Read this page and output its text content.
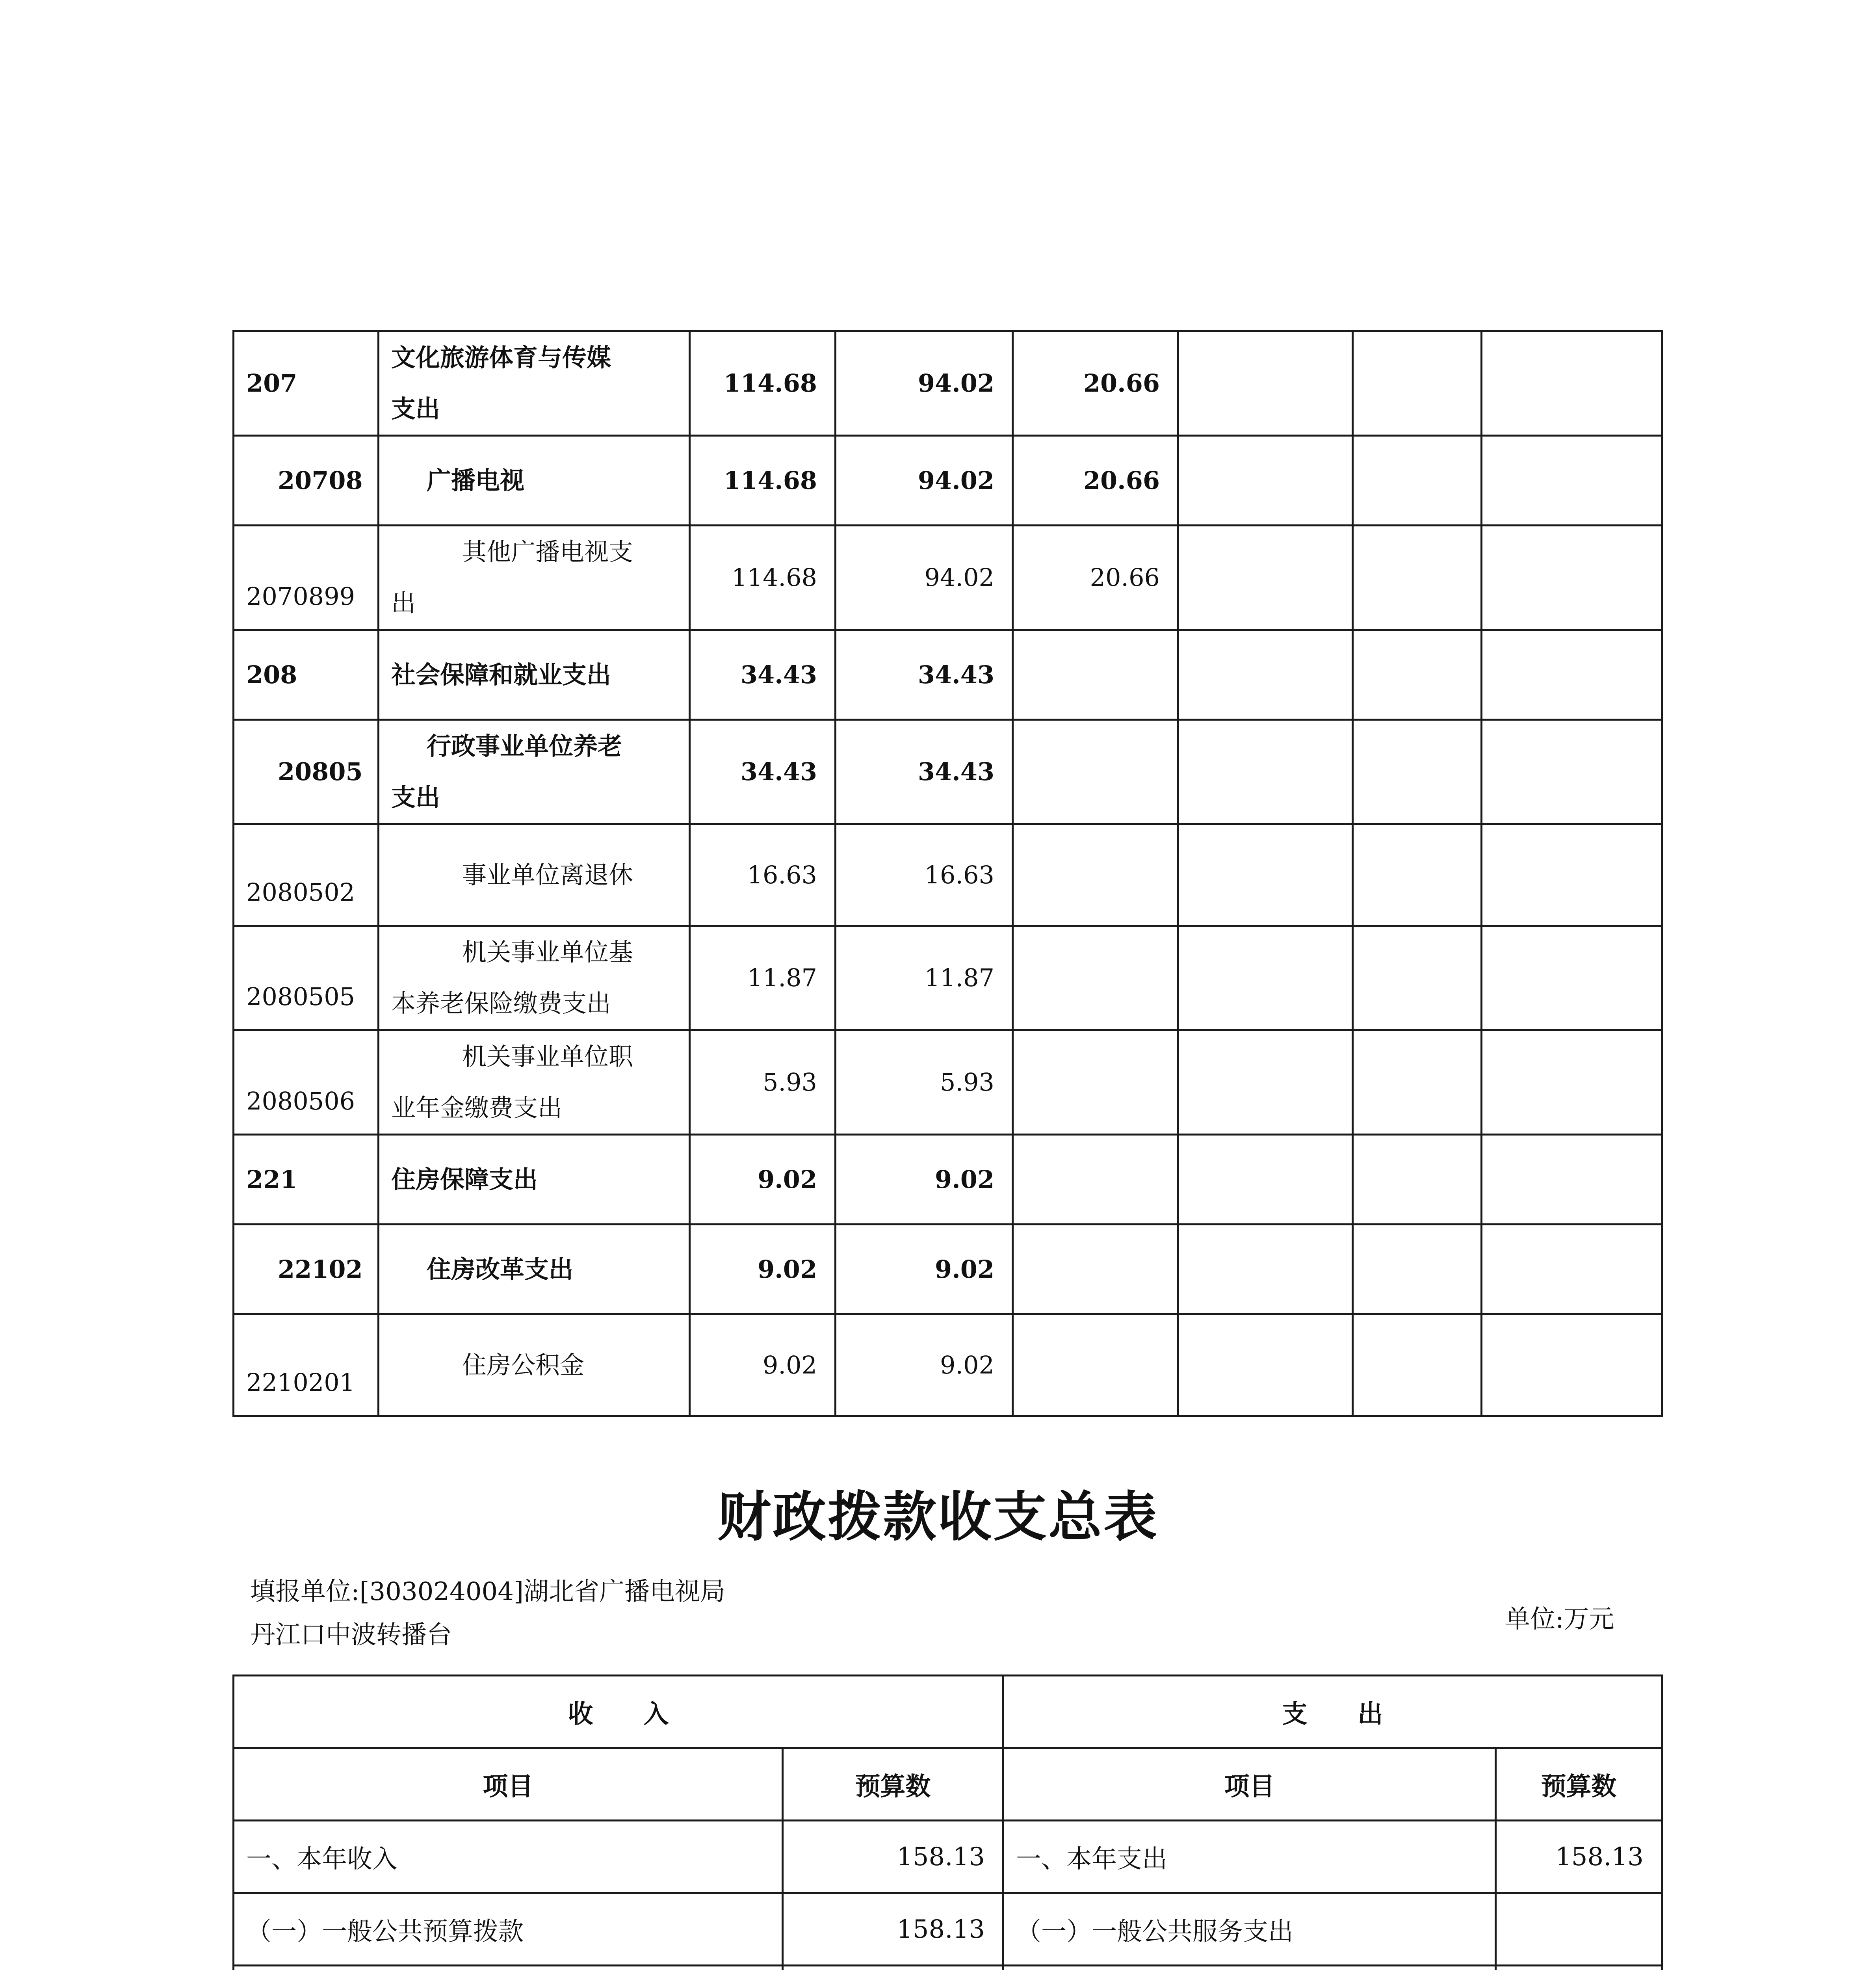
207	文化旅游体育与传媒
支出	114.68	94.02	20.66			
20708	广播电视	114.68	94.02	20.66			
2070899	其他广播电视支
出	114.68	94.02	20.66			
208	社会保障和就业支出	34.43	34.43				
20805	行政事业单位养老
支出	34.43	34.43				
2080502	事业单位离退休	16.63	16.63				
2080505	机关事业单位基
本养老保险缴费支出	11.87	11.87				
2080506	机关事业单位职
业年金缴费支出	5.93	5.93				
221	住房保障支出	9.02	9.02				
22102	住房改革支出	9.02	9.02				
2210201	住房公积金	9.02	9.02				
财政拨款收支总表
填报单位:[303024004]湖北省广播电视局
丹江口中波转播台
单位:万元
收　　入		支　　出	
项目	预算数	项目	预算数
一、本年收入	158.13	一、本年支出	158.13
（一）一般公共预算拨款	158.13	（一）一般公共服务支出	
